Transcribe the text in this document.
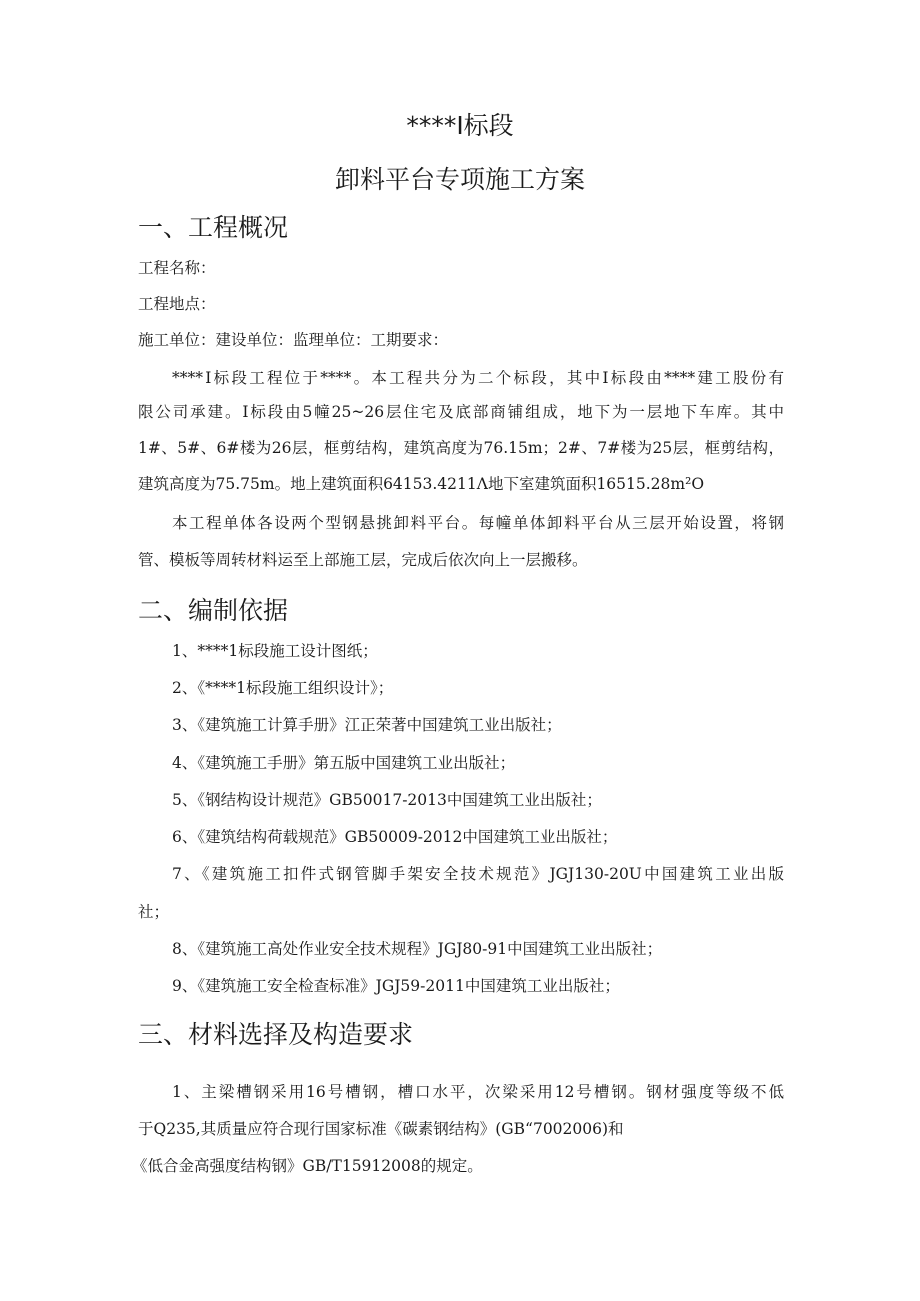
****Ⅰ标段
卸料平台专项施工方案
一、工程概况
工程名称：
工程地点：
施工单位：建设单位：监理单位：工期要求：
****Ⅰ标段工程位于****。本工程共分为二个标段，其中Ⅰ标段由****建工股份有
限公司承建。Ⅰ标段由5幢25~26层住宅及底部商铺组成，地下为一层地下车库。其中
1#、5#、6#楼为26层，框剪结构，建筑高度为76.15m；2#、7#楼为25层，框剪结构，
建筑高度为75.75m。地上建筑面积64153.4211Λ地下室建筑面积16515.28m²O
本工程单体各设两个型钢悬挑卸料平台。每幢单体卸料平台从三层开始设置，将钢
管、模板等周转材料运至上部施工层，完成后依次向上一层搬移。
二、编制依据
1、****1标段施工设计图纸；
2、《****1标段施工组织设计》；
3、《建筑施工计算手册》江正荣著中国建筑工业出版社；
4、《建筑施工手册》第五版中国建筑工业出版社；
5、《钢结构设计规范》GB50017-2013中国建筑工业出版社；
6、《建筑结构荷载规范》GB50009-2012中国建筑工业出版社；
7、《建筑施工扣件式钢管脚手架安全技术规范》JGJ130-20U中国建筑工业出版
社；
8、《建筑施工高处作业安全技术规程》JGJ80-91中国建筑工业出版社；
9、《建筑施工安全检查标准》JGJ59-2011中国建筑工业出版社；
三、材料选择及构造要求
1、主梁槽钢采用16号槽钢，槽口水平，次梁采用12号槽钢。钢材强度等级不低
于Q235,其质量应符合现行国家标准《碳素钢结构》(GB“7002006)和
《低合金高强度结构钢》GB/T15912008的规定。
